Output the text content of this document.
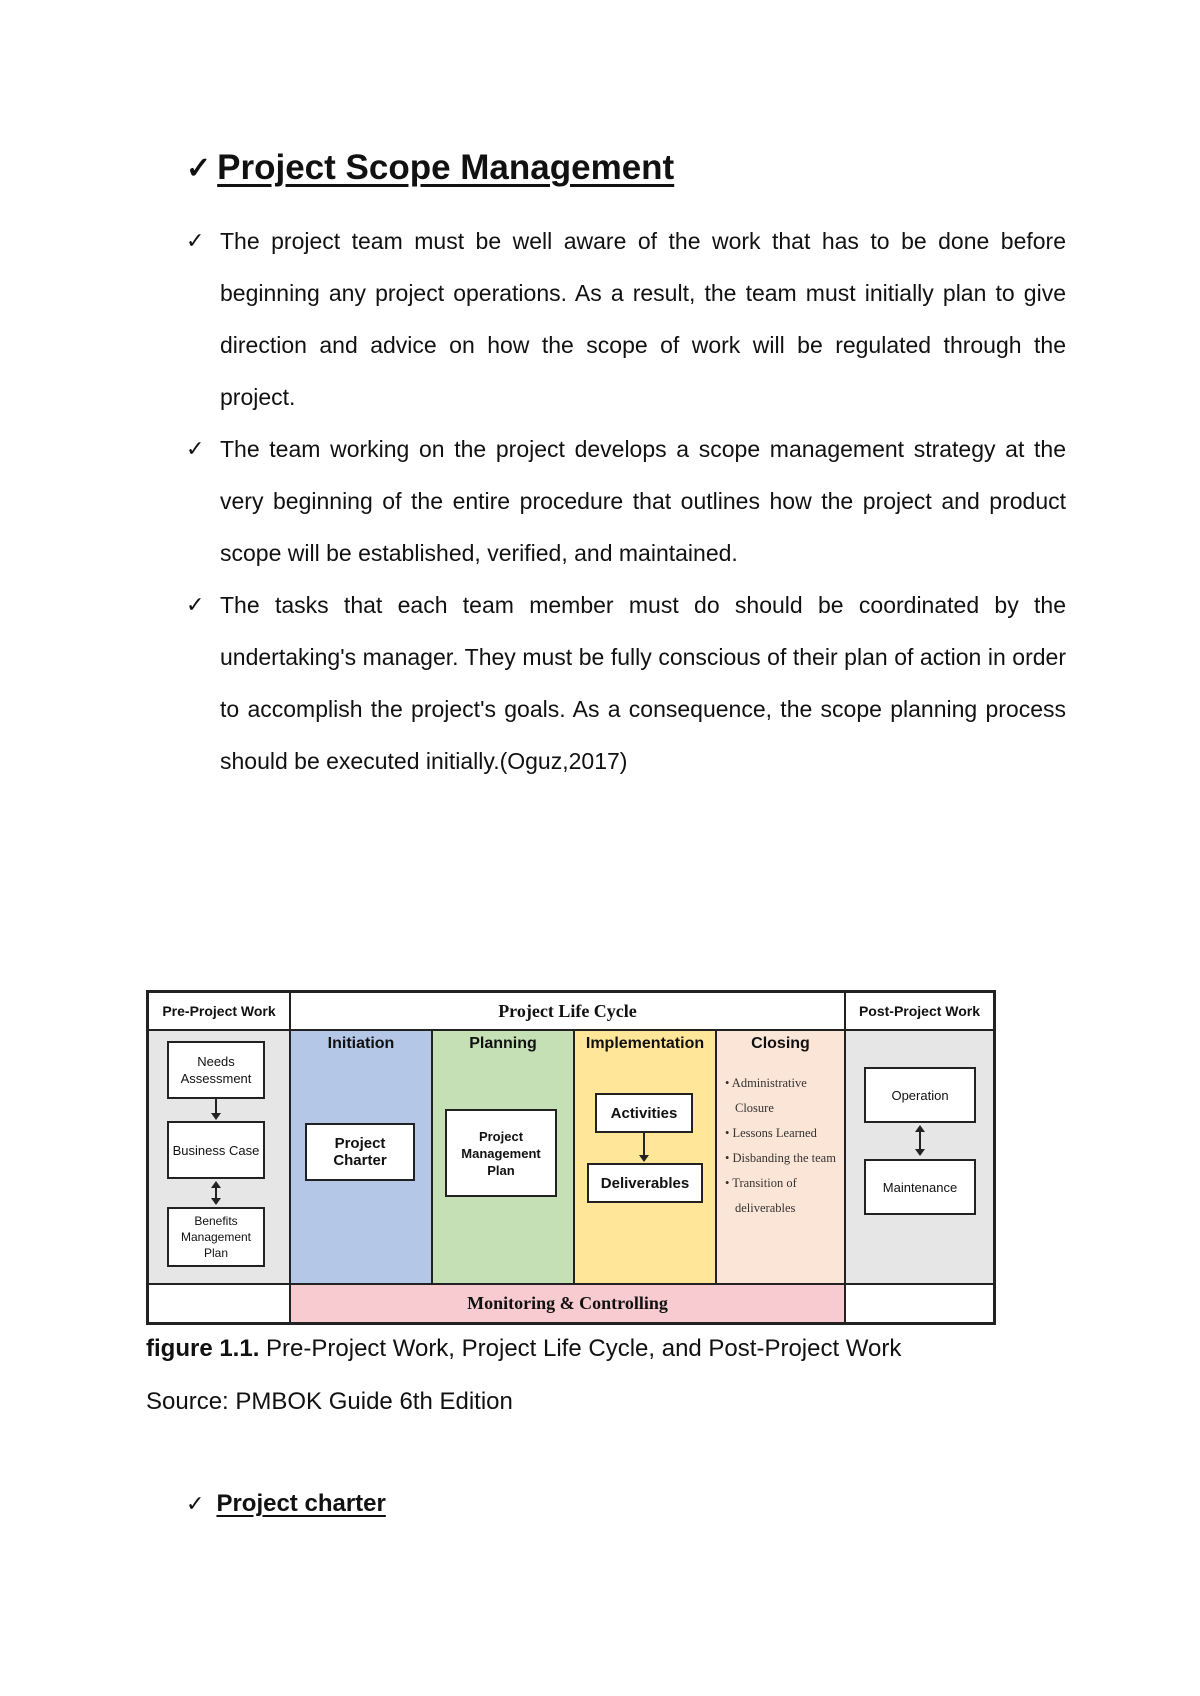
✓ Project Scope Management
✓ The project team must be well aware of the work that has to be done before beginning any project operations. As a result, the team must initially plan to give direction and advice on how the scope of work will be regulated through the project.
✓ The team working on the project develops a scope management strategy at the very beginning of the entire procedure that outlines how the project and product scope will be established, verified, and maintained.
✓ The tasks that each team member must do should be coordinated by the undertaking's manager. They must be fully conscious of their plan of action in order to accomplish the project's goals. As a consequence, the scope planning process should be executed initially.(Oguz,2017)
Pre-Project Work	Project Life Cycle	Post-Project Work
Needs Assessment
Business Case
Benefits Management Plan
Initiation
Project Charter
Planning
Project Management Plan
Implementation
Activities
Deliverables
Closing
• Administrative Closure
• Lessons Learned
• Disbanding the team
• Transition of deliverables
Operation
Maintenance
Monitoring & Controlling
figure 1.1. Pre-Project Work, Project Life Cycle, and Post-Project Work
Source: PMBOK Guide 6th Edition
✓ Project charter
